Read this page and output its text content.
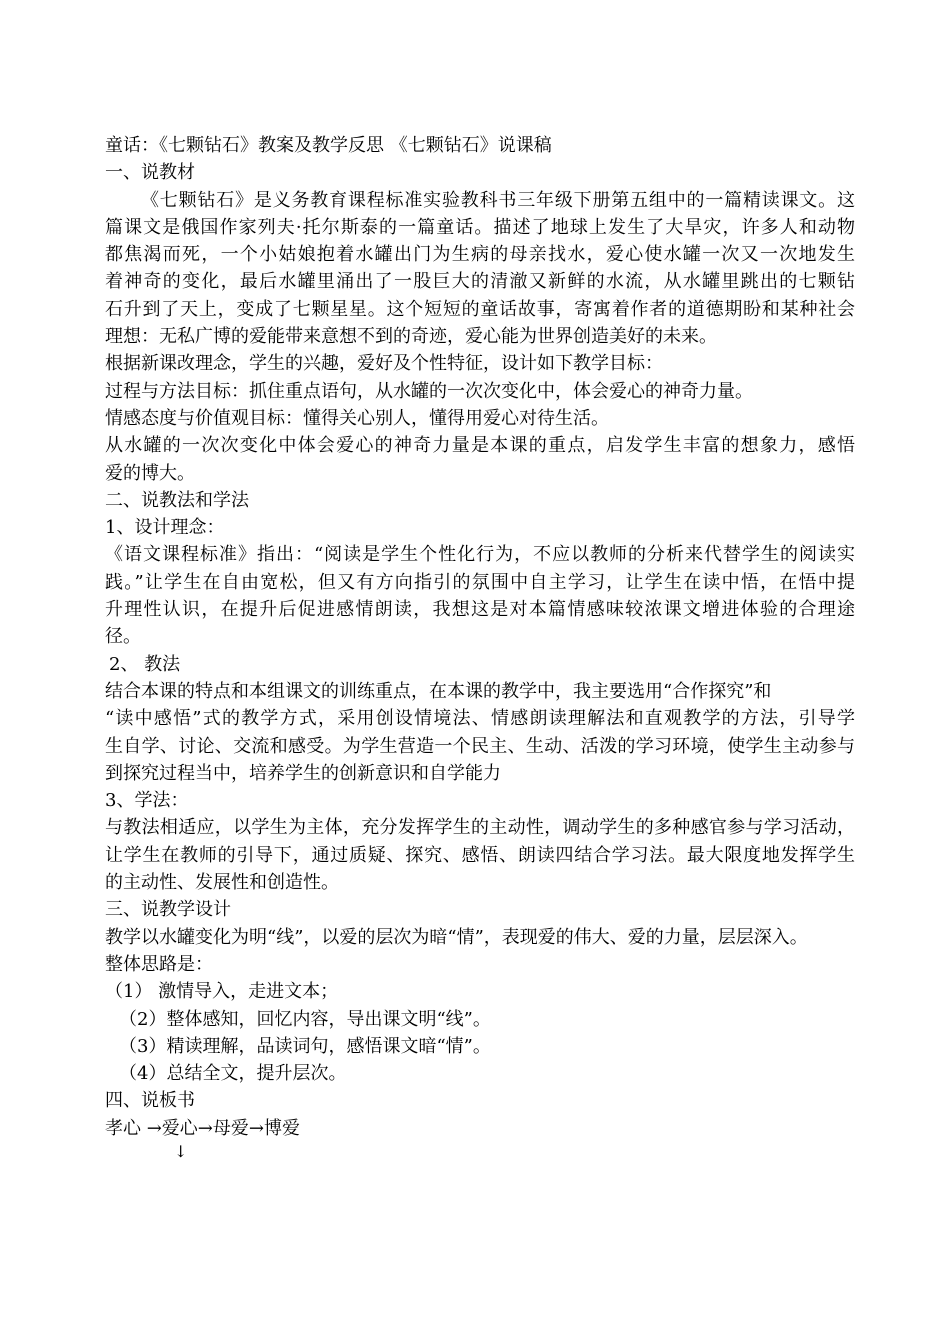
童话：《七颗钻石》教案及教学反思 《七颗钻石》说课稿
一、说教材
《七颗钻石》是义务教育课程标准实验教科书三年级下册第五组中的一篇精读课文。这
篇课文是俄国作家列夫·托尔斯泰的一篇童话。描述了地球上发生了大旱灾，许多人和动物
都焦渴而死，一个小姑娘抱着水罐出门为生病的母亲找水，爱心使水罐一次又一次地发生
着神奇的变化，最后水罐里涌出了一股巨大的清澈又新鲜的水流，从水罐里跳出的七颗钻
石升到了天上，变成了七颗星星。这个短短的童话故事，寄寓着作者的道德期盼和某种社会
理想：无私广博的爱能带来意想不到的奇迹，爱心能为世界创造美好的未来。
根据新课改理念，学生的兴趣，爱好及个性特征，设计如下教学目标：
过程与方法目标：抓住重点语句，从水罐的一次次变化中，体会爱心的神奇力量。
情感态度与价值观目标：懂得关心别人，懂得用爱心对待生活。
从水罐的一次次变化中体会爱心的神奇力量是本课的重点，启发学生丰富的想象力，感悟
爱的博大。
二、说教法和学法
1、设计理念：
《语文课程标准》指出：“阅读是学生个性化行为，不应以教师的分析来代替学生的阅读实
践。”让学生在自由宽松，但又有方向指引的氛围中自主学习，让学生在读中悟，在悟中提
升理性认识，在提升后促进感情朗读，我想这是对本篇情感味较浓课文增进体验的合理途
径。
2、 教法
结合本课的特点和本组课文的训练重点，在本课的教学中，我主要选用“合作探究”和
“读中感悟”式的教学方式，采用创设情境法、情感朗读理解法和直观教学的方法，引导学
生自学、讨论、交流和感受。为学生营造一个民主、生动、活泼的学习环境，使学生主动参与
到探究过程当中，培养学生的创新意识和自学能力
3、学法：
与教法相适应，以学生为主体，充分发挥学生的主动性，调动学生的多种感官参与学习活动，
让学生在教师的引导下，通过质疑、探究、感悟、朗读四结合学习法。最大限度地发挥学生
的主动性、发展性和创造性。
三、说教学设计
教学以水罐变化为明“线”，以爱的层次为暗“情”，表现爱的伟大、爱的力量，层层深入。
整体思路是：
（1） 激情导入，走进文本；
（2）整体感知，回忆内容，导出课文明“线”。
（3）精读理解，品读词句，感悟课文暗“情”。
（4）总结全文，提升层次。
四、说板书
孝心 →爱心→母爱→博爱
↓
